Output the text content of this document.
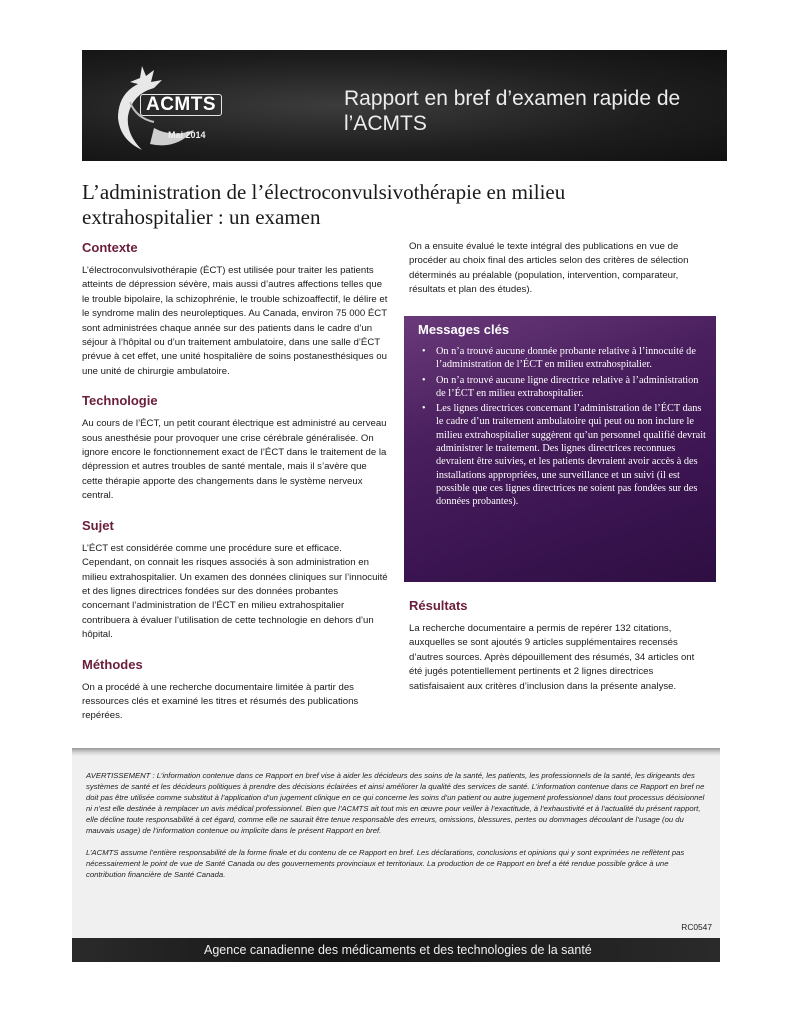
ACMTS
Mai 2014
Rapport en bref d’examen rapide de l’ACMTS
L’administration de l’électroconvulsivothérapie en milieu extrahospitalier : un examen
Contexte

L’électroconvulsivothérapie (ÉCT) est utilisée pour traiter les patients atteints de dépression sévère, mais aussi d’autres affections telles que le trouble bipolaire, la schizophrénie, le trouble schizoaffectif, le délire et le syndrome malin des neuroleptiques. Au Canada, environ 75 000 ÉCT sont administrées chaque année sur des patients dans le cadre d’un séjour à l’hôpital ou d’un traitement ambulatoire, dans une salle d’ÉCT prévue à cet effet, une unité hospitalière de soins postanesthésiques ou une unité de chirurgie ambulatoire.

Technologie

Au cours de l’ÉCT, un petit courant électrique est administré au cerveau sous anesthésie pour provoquer une crise cérébrale généralisée. On ignore encore le fonctionnement exact de l’ÉCT dans le traitement de la dépression et autres troubles de santé mentale, mais il s’avère que cette thérapie apporte des changements dans le système nerveux central.

Sujet

L’ÉCT est considérée comme une procédure sure et efficace. Cependant, on connait les risques associés à son administration en milieu extrahospitalier. Un examen des données cliniques sur l’innocuité et des lignes directrices fondées sur des données probantes concernant l’administration de l’ÉCT en milieu extrahospitalier contribuera à évaluer l’utilisation de cette technologie en dehors d’un hôpital.

Méthodes

On a procédé à une recherche documentaire limitée à partir des ressources clés et examiné les titres et résumés des publications repérées.

On a ensuite évalué le texte intégral des publications en vue de procéder au choix final des articles selon des critères de sélection déterminés au préalable (population, intervention, comparateur, résultats et plan des études).

Messages clés
• On n’a trouvé aucune donnée probante relative à l’innocuité de l’administration de l’ÉCT en milieu extrahospitalier.
• On n’a trouvé aucune ligne directrice relative à l’administration de l’ÉCT en milieu extrahospitalier.
• Les lignes directrices concernant l’administration de l’ÉCT dans le cadre d’un traitement ambulatoire qui peut ou non inclure le milieu extrahospitalier suggèrent qu’un personnel qualifié devrait administrer le traitement. Des lignes directrices reconnues devraient être suivies, et les patients devraient avoir accès à des installations appropriées, une surveillance et un suivi (il est possible que ces lignes directrices ne soient pas fondées sur des données probantes).
Résultats

La recherche documentaire a permis de repérer 132 citations, auxquelles se sont ajoutés 9 articles supplémentaires recensés d’autres sources. Après dépouillement des résumés, 34 articles ont été jugés potentiellement pertinents et 2 lignes directrices satisfaisaient aux critères d’inclusion dans la présente analyse.

AVERTISSEMENT : L’information contenue dans ce Rapport en bref vise à aider les décideurs des soins de la santé, les patients, les professionnels de la santé, les dirigeants des systèmes de santé et les décideurs politiques à prendre des décisions éclairées et ainsi améliorer la qualité des services de santé. L’information contenue dans ce Rapport en bref ne doit pas être utilisée comme substitut à l’application d’un jugement clinique en ce qui concerne les soins d’un patient ou autre jugement professionnel dans tout processus décisionnel ni n’est elle destinée à remplacer un avis médical professionnel. Bien que l’ACMTS ait tout mis en œuvre pour veiller à l’exactitude, à l’exhaustivité et à l’actualité du présent rapport, elle décline toute responsabilité à cet égard, comme elle ne saurait être tenue responsable des erreurs, omissions, blessures, pertes ou dommages découlant de l’usage (ou du mauvais usage) de l’information contenue ou implicite dans le présent Rapport en bref.

L’ACMTS assume l’entière responsabilité de la forme finale et du contenu de ce Rapport en bref. Les déclarations, conclusions et opinions qui y sont exprimées ne reflètent pas nécessairement le point de vue de Santé Canada ou des gouvernements provinciaux et territoriaux. La production de ce Rapport en bref a été rendue possible grâce à une contribution financière de Santé Canada.

RC0547
Agence canadienne des médicaments et des technologies de la santé
